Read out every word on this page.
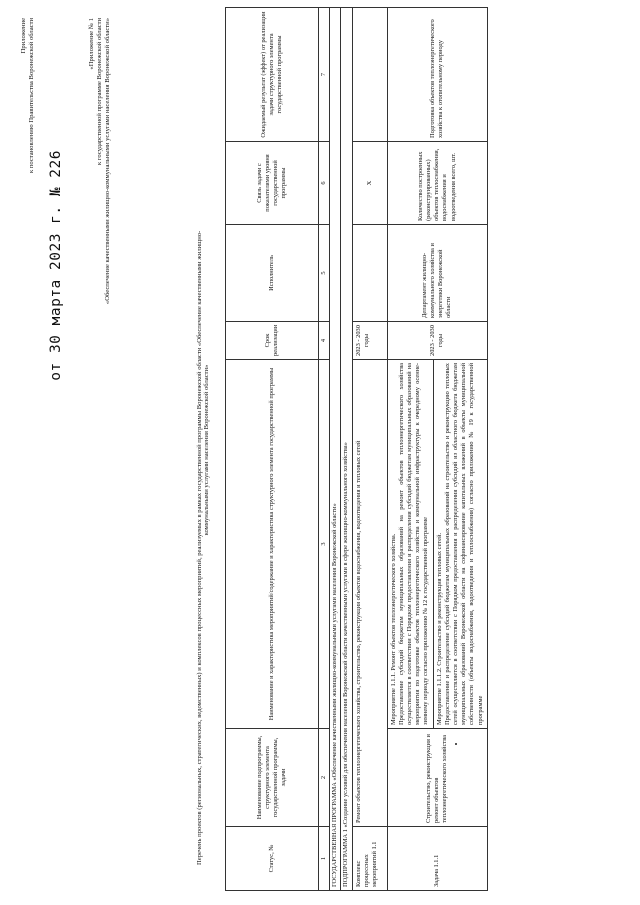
Приложение к постановлению Правительства Воронежской области
от 30 марта 2023 г. № 226
«Приложение № 1 к государственной программе Воронежской области «Обеспечение качественными жилищно-коммунальными услугами населения Воронежской области»
Перечень проектов (региональных, стратегических, ведомственных) и комплексов процессных мероприятий, реализуемых в рамках государственной программы Воронежской области «Обеспечение качественными жилищно- коммунальными услугами населения Воронежской области»
Статус, №	Наименование подпрограммы, структурного элемента государственной программы, задачи	Наименование и характеристика мероприятий/содержание и характеристика структурного элемента государственной программы	Срок реализации	Исполнитель	Связь задачи с показателями уровня государственной программы	Ожидаемый результат (эффект) от реализации задачи структурного элемента государственной программы
1	2	3	4	5	6	7
ГОСУДАРСТВЕННАЯ ПРОГРАММА «Обеспечение качественными жилищно-коммунальными услугами населения Воронежской области»						
ПОДПРОГРАММА 1 «Создание условий для обеспечения населения Воронежской области качественными услугами в сфере жилищно-коммунального хозяйства»						
Комплекс процессных мероприятий 1.1	Ремонт объектов теплоэнергетического хозяйства, строительство, реконструкция объектов водоснабжения, водоотведения и тепловых сетей		2023 - 2030 годы		X	
Задача 1.1.1	Строительство, реконструкция и ремонт объектов теплоэнергетического хозяйства	Мероприятие 1.1.1. Ремонт объектов теплоэнергетического хозяйства. Предоставление субсидий бюджетам муниципальных образований на ремонт объектов теплоэнергетического хозяйства осуществляется в соответствии с Порядком предоставления и распределения субсидий бюджетам муниципальных образований на мероприятия по подготовке объектов теплоэнергетического хозяйства и коммунальной инфраструктуры к очередному осенне-зимнему периоду согласно приложению № 12 к государственной программе Мероприятие 1.1.1.2. Строительство и реконструкция тепловых сетей. Предоставление и распределение субсидий бюджетам муниципальных образований на строительство и реконструкцию тепловых сетей осуществляется в соответствии с Порядком предоставления и распределения субсидий из областного бюджета бюджетам муниципальных образований Воронежской области на софинансирование капитальных вложений в объекты муниципальной собственности (объекты водоснабжения, водоотведения и теплоснабжения) согласно приложению № 19 к государственной программе	2023 - 2030 годы	Департамент жилищно-коммунального хозяйства и энергетики Воронежской области	Количество построенных (реконструированных) объектов теплоснабжения, водоснабжения и водоотведения всего, шт.	Подготовка объектов теплоэнергетического хозяйства к отопительному периоду
